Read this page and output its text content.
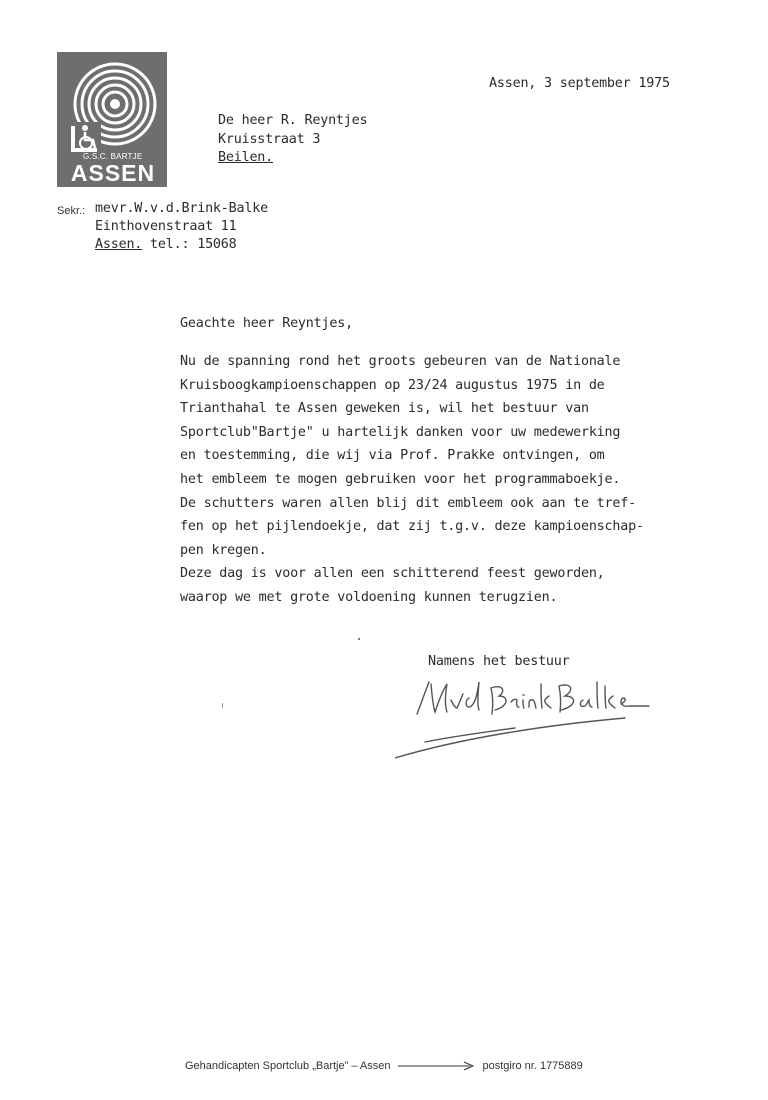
G.S.C. BARTJE
ASSEN
Assen, 3 september 1975
De heer R. Reyntjes
Kruisstraat 3
Beilen.
Sekr.: mevr.W.v.d.Brink-Balke
Einthovenstraat 11
Assen. tel.: 15068
Geachte heer Reyntjes,
Nu de spanning rond het groots gebeuren van de Nationale
Kruisboogkampioenschappen op 23/24 augustus 1975 in de
Trianthahal te Assen geweken is, wil het bestuur van
Sportclub"Bartje" u hartelijk danken voor uw medewerking
en toestemming, die wij via Prof. Prakke ontvingen, om
het embleem te mogen gebruiken voor het programmaboekje.
De schutters waren allen blij dit embleem ook aan te tref-
fen op het pijlendoekje, dat zij t.g.v. deze kampioenschap-
pen kregen.
Deze dag is voor allen een schitterend feest geworden,
waarop we met grote voldoening kunnen terugzien.
Namens het bestuur
Gehandicapten Sportclub „Bartje” – Assen	postgiro nr. 1775889
